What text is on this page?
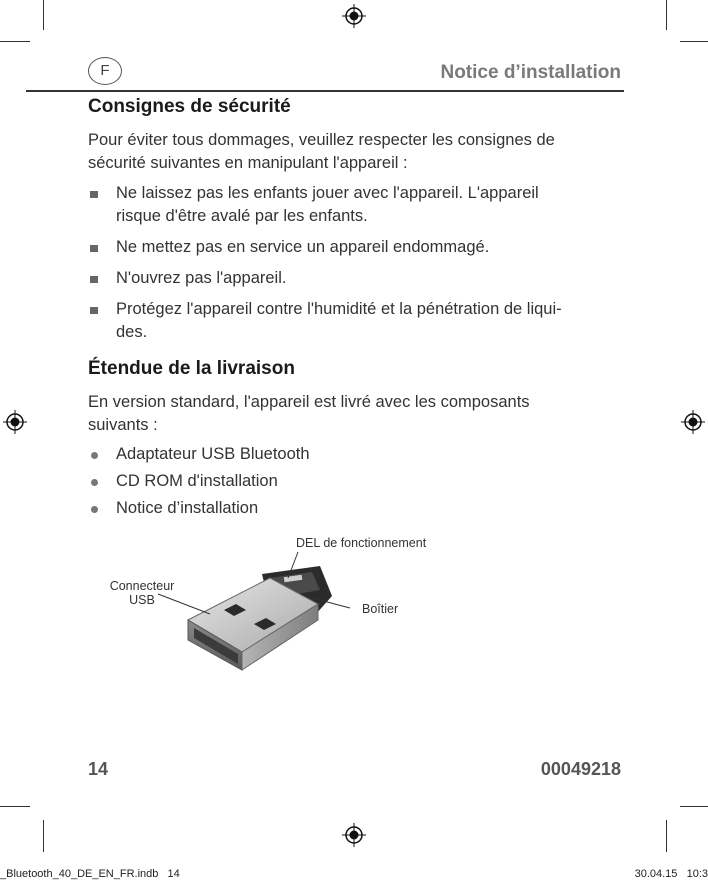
F	Notice d’installation
Consignes de sécurité
Pour éviter tous dommages, veuillez respecter les consignes de
sécurité suivantes en manipulant l'appareil :
Ne laissez pas les enfants jouer avec l'appareil. L'appareil
risque d'être avalé par les enfants.
Ne mettez pas en service un appareil endommagé.
N'ouvrez pas l'appareil.
Protégez l'appareil contre l'humidité et la pénétration de liqui-
des.
Étendue de la livraison
En version standard, l'appareil est livré avec les composants
suivants :
Adaptateur USB Bluetooth
CD ROM d'installation
Notice d’installation
DEL de fonctionnement
Connecteur
USB
Boîtier
14	00049218
_Bluetooth_40_DE_EN_FR.indb   14	30.04.15   10:3
